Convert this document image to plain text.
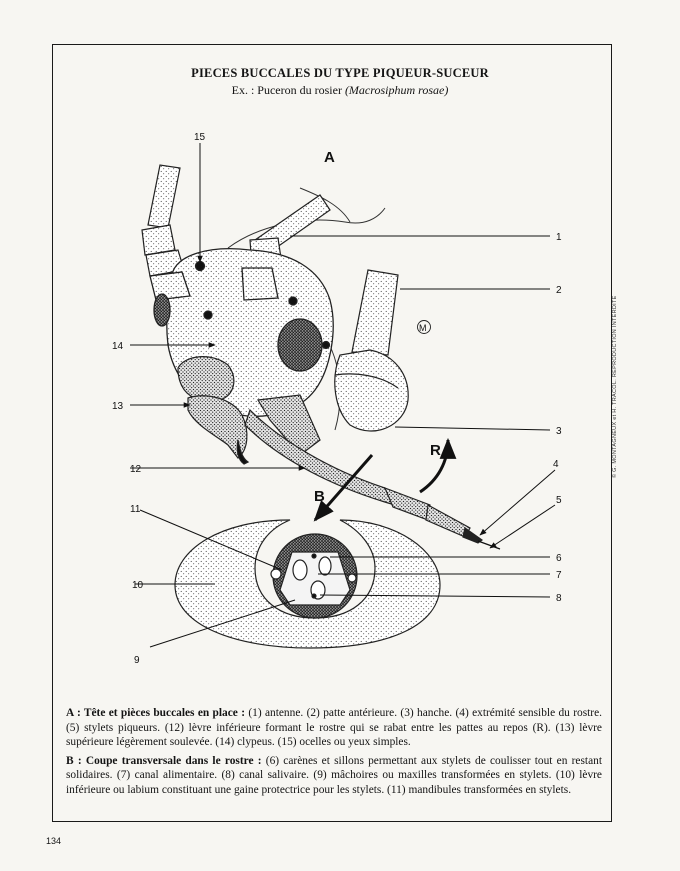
PIECES BUCCALES DU TYPE PIQUEUR-SUCEUR
Ex. : Puceron du rosier (Macrosiphum rosae)
A
B
R
M
1
2
3
4
5
6
7
8
9
10
11
12
13
14
15
© G. MONTAGNEUX et H. TRACOL. REPRODUCTION INTERDITE

A : Tête et pièces buccales en place : (1) antenne. (2) patte antérieure. (3) hanche. (4) extrémité sensible du rostre. (5) stylets piqueurs. (12) lèvre inférieure formant le rostre qui se rabat entre les pattes au repos (R). (13) lèvre supérieure légèrement soulevée. (14) clypeus. (15) ocelles ou yeux simples.

B : Coupe transversale dans le rostre : (6) carènes et sillons permettant aux stylets de coulisser tout en restant solidaires. (7) canal alimentaire. (8) canal salivaire. (9) mâchoires ou maxilles transformées en stylets. (10) lèvre inférieure ou labium constituant une gaine protectrice pour les stylets. (11) mandibules transformées en stylets.

134
